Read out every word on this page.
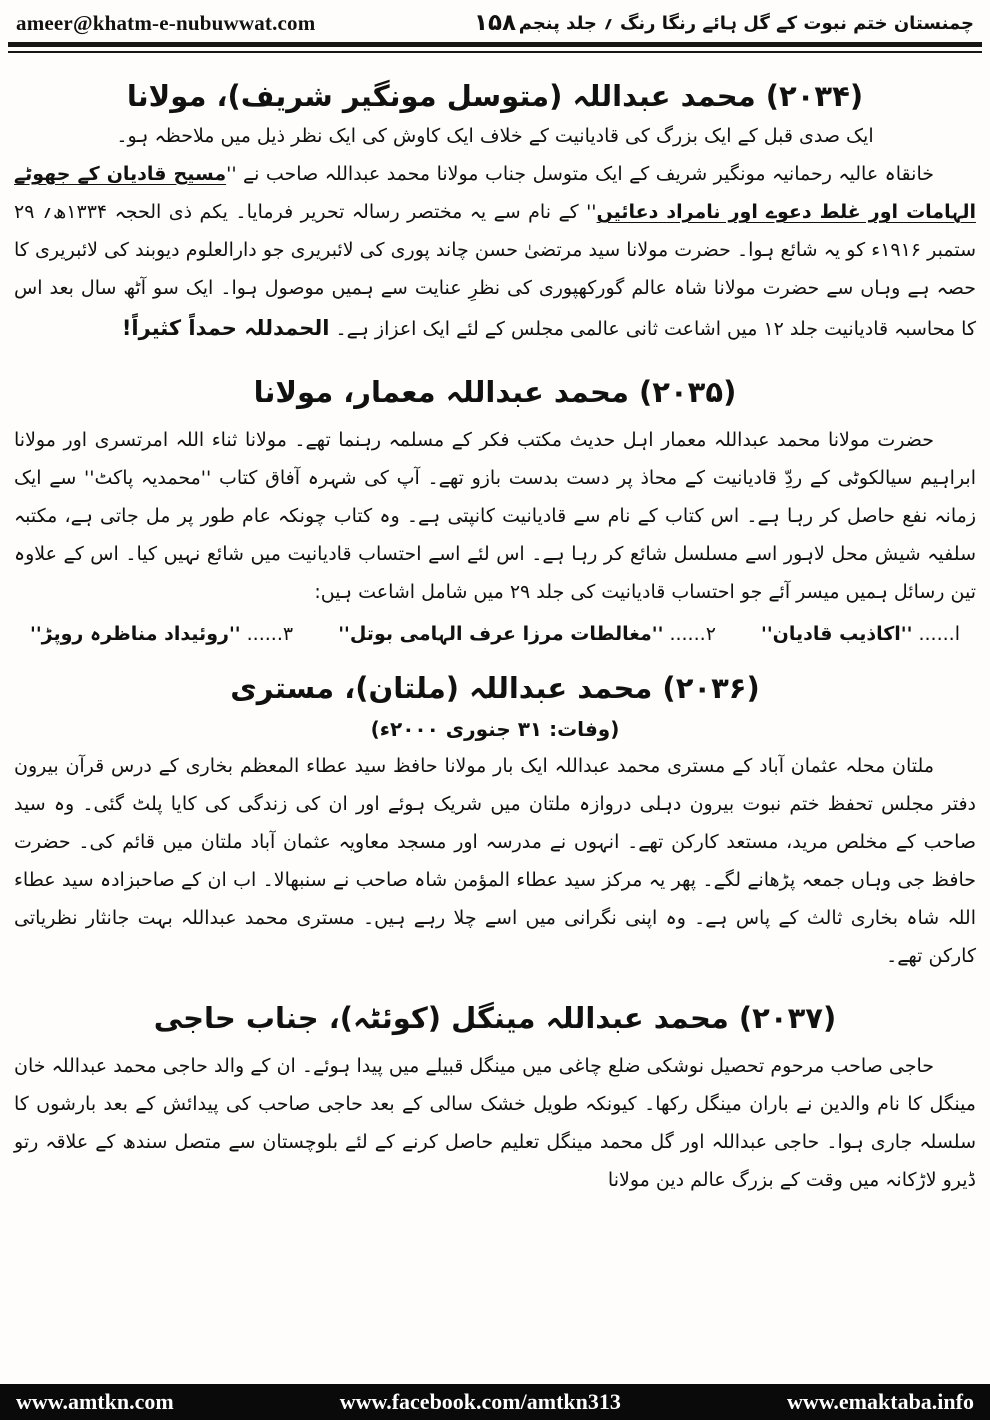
ameer@khatm-e-nubuwwat.com	۱۵۸ چمنستان ختم نبوت کے گل ہائے رنگا رنگ ؍ جلد پنجم
(۲۰۳۴) محمد عبداللہ (متوسل مونگیر شریف)، مولانا
ایک صدی قبل کے ایک بزرگ کی قادیانیت کے خلاف ایک کاوش کی ایک نظر ذیل میں ملاحظہ ہو۔
خانقاہ عالیہ رحمانیہ مونگیر شریف کے ایک متوسل جناب مولانا محمد عبداللہ صاحب نے ''مسیح قادیان کے جھوٹے الہامات اور غلط دعوے اور نامراد دعائیں'' کے نام سے یہ مختصر رسالہ تحریر فرمایا۔ یکم ذی الحجہ ۱۳۳۴ھ؍ ۲۹ ستمبر ۱۹۱۶ء کو یہ شائع ہوا۔ حضرت مولانا سید مرتضیٰ حسن چاند پوری کی لائبریری جو دارالعلوم دیوبند کی لائبریری کا حصہ ہے وہاں سے حضرت مولانا شاہ عالم گورکھپوری کی نظرِ عنایت سے ہمیں موصول ہوا۔ ایک سو آٹھ سال بعد اس کا محاسبہ قادیانیت جلد ۱۲ میں اشاعت ثانی عالمی مجلس کے لئے ایک اعزاز ہے۔ الحمدللہ حمداً کثیراً!
(۲۰۳۵) محمد عبداللہ معمار، مولانا
حضرت مولانا محمد عبداللہ معمار اہل حدیث مکتب فکر کے مسلمہ رہنما تھے۔ مولانا ثناء اللہ امرتسری اور مولانا ابراہیم سیالکوٹی کے ردِّ قادیانیت کے محاذ پر دست بدست بازو تھے۔ آپ کی شہرہ آفاق کتاب ''محمدیہ پاکٹ'' سے ایک زمانہ نفع حاصل کر رہا ہے۔ اس کتاب کے نام سے قادیانیت کانپتی ہے۔ وہ کتاب چونکہ عام طور پر مل جاتی ہے، مکتبہ سلفیہ شیش محل لاہور اسے مسلسل شائع کر رہا ہے۔ اس لئے اسے احتساب قادیانیت میں شائع نہیں کیا۔ اس کے علاوہ تین رسائل ہمیں میسر آئے جو احتساب قادیانیت کی جلد ۲۹ میں شامل اشاعت ہیں:
ا...... ''اکاذیب قادیان''
۲...... ''مغالطات مرزا عرف الہامی بوتل''
۳...... ''روئیداد مناظرہ روپڑ''
(۲۰۳۶) محمد عبداللہ (ملتان)، مستری
(وفات: ۳۱ جنوری ۲۰۰۰ء)
ملتان محلہ عثمان آباد کے مستری محمد عبداللہ ایک بار مولانا حافظ سید عطاء المعظم بخاری کے درس قرآن بیرون دفتر مجلس تحفظ ختم نبوت بیرون دہلی دروازہ ملتان میں شریک ہوئے اور ان کی زندگی کی کایا پلٹ گئی۔ وہ سید صاحب کے مخلص مرید، مستعد کارکن تھے۔ انہوں نے مدرسہ اور مسجد معاویہ عثمان آباد ملتان میں قائم کی۔ حضرت حافظ جی وہاں جمعہ پڑھانے لگے۔ پھر یہ مرکز سید عطاء المؤمن شاہ صاحب نے سنبھالا۔ اب ان کے صاحبزادہ سید عطاء اللہ شاہ بخاری ثالث کے پاس ہے۔ وہ اپنی نگرانی میں اسے چلا رہے ہیں۔ مستری محمد عبداللہ بہت جانثار نظریاتی کارکن تھے۔
(۲۰۳۷) محمد عبداللہ مینگل (کوئٹہ)، جناب حاجی
حاجی صاحب مرحوم تحصیل نوشکی ضلع چاغی میں مینگل قبیلے میں پیدا ہوئے۔ ان کے والد حاجی محمد عبداللہ خان مینگل کا نام والدین نے باران مینگل رکھا۔ کیونکہ طویل خشک سالی کے بعد حاجی صاحب کی پیدائش کے بعد بارشوں کا سلسلہ جاری ہوا۔ حاجی عبداللہ اور گل محمد مینگل تعلیم حاصل کرنے کے لئے بلوچستان سے متصل سندھ کے علاقہ رتو ڈیرو لاڑکانہ میں وقت کے بزرگ عالم دین مولانا
www.amtkn.com	www.facebook.com/amtkn313	www.emaktaba.info
